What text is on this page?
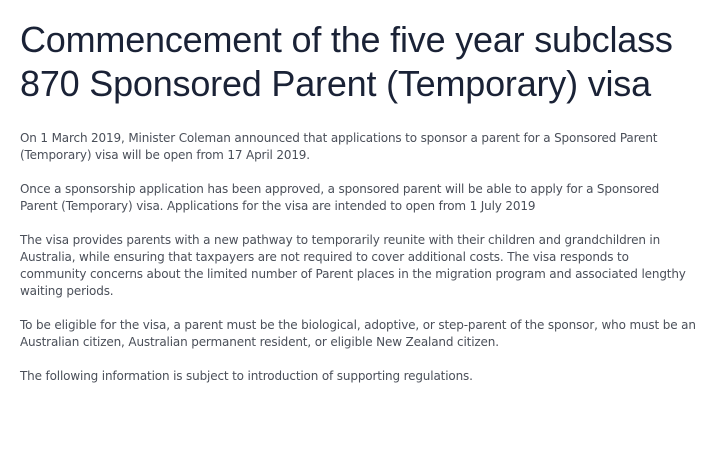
Commencement of the five year subclass 870 Sponsored Parent (Temporary) visa

On 1 March 2019, Minister Coleman announced that applications to sponsor a parent for a Sponsored Parent (Temporary) visa will be open from 17 April 2019.

Once a sponsorship application has been approved, a sponsored parent will be able to apply for a Sponsored Parent (Temporary) visa. Applications for the visa are intended to open from 1 July 2019

The visa provides parents with a new pathway to temporarily reunite with their children and grandchildren in Australia, while ensuring that taxpayers are not required to cover additional costs. The visa responds to community concerns about the limited number of Parent places in the migration program and associated lengthy waiting periods.

To be eligible for the visa, a parent must be the biological, adoptive, or step-parent of the sponsor, who must be an Australian citizen, Australian permanent resident, or eligible New Zealand citizen.

The following information is subject to introduction of supporting regulations.
